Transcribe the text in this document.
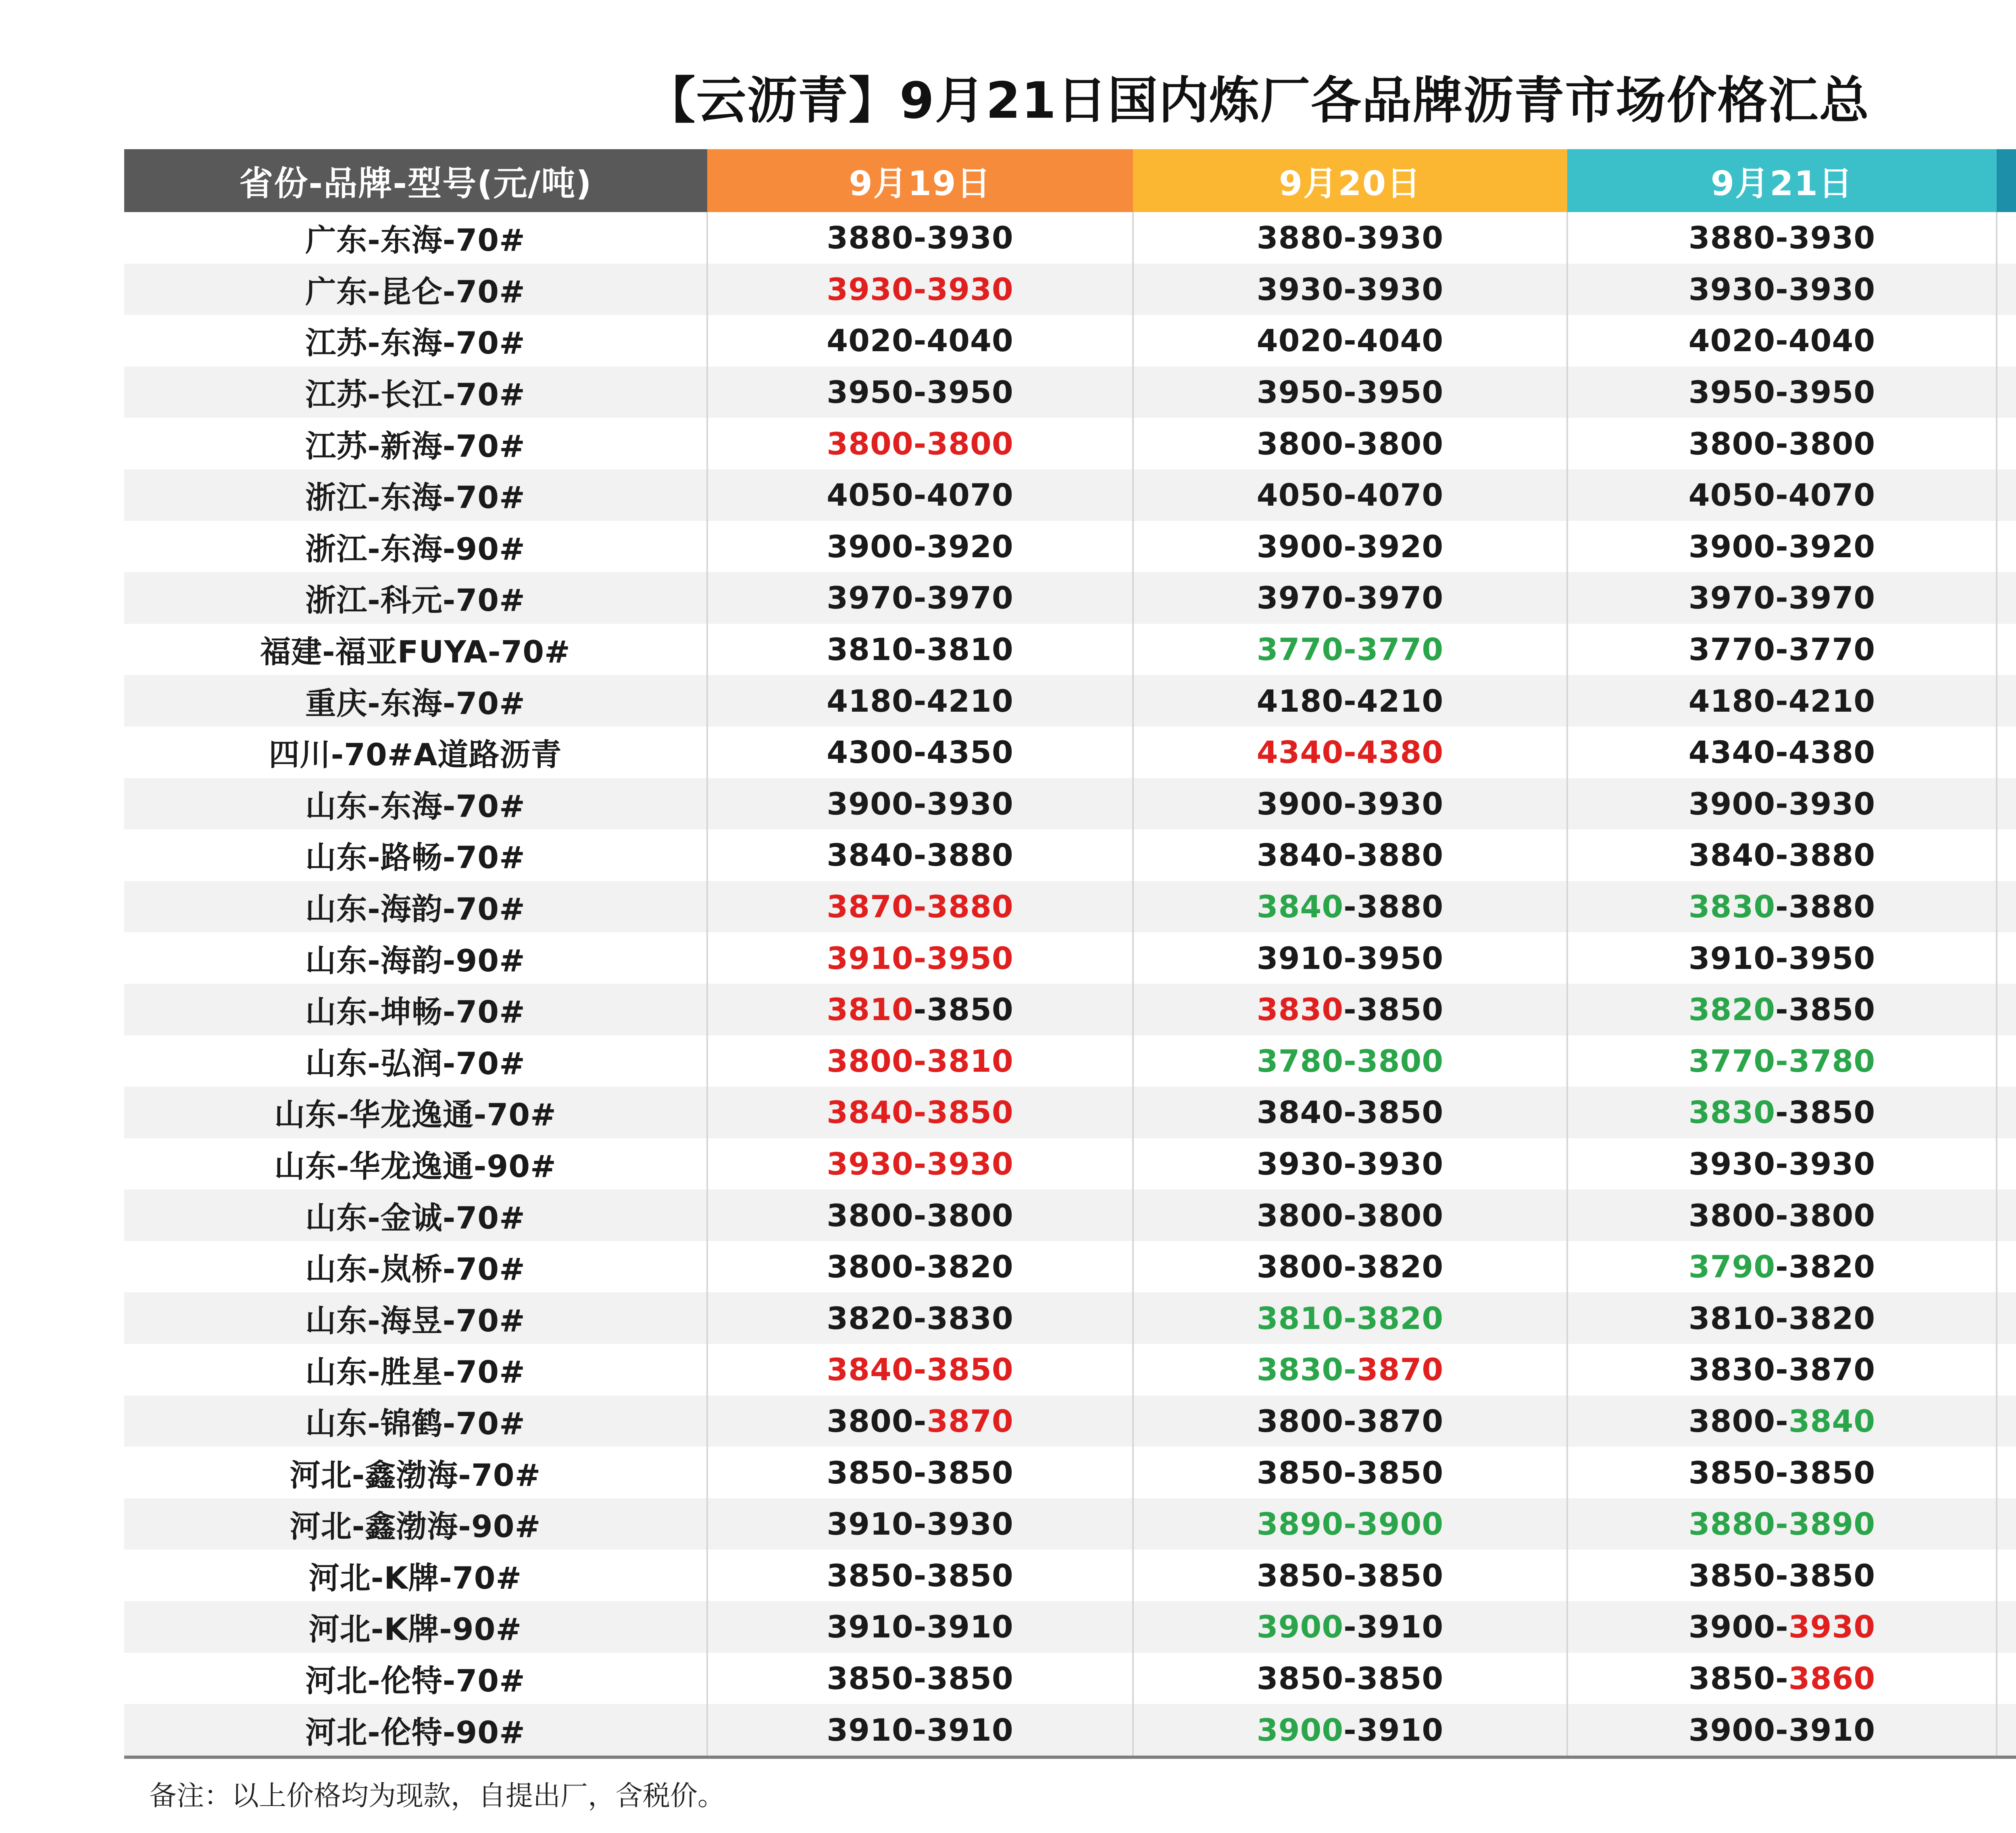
【云沥青】9月21日国内炼厂各品牌沥青市场价格汇总
省份-品牌-型号(元/吨)	9月19日	9月20日	9月21日	
广东-东海-70#	3880-3930	3880-3930	3880-3930	
广东-昆仑-70#	3930-3930	3930-3930	3930-3930	
江苏-东海-70#	4020-4040	4020-4040	4020-4040	
江苏-长江-70#	3950-3950	3950-3950	3950-3950	
江苏-新海-70#	3800-3800	3800-3800	3800-3800	
浙江-东海-70#	4050-4070	4050-4070	4050-4070	
浙江-东海-90#	3900-3920	3900-3920	3900-3920	
浙江-科元-70#	3970-3970	3970-3970	3970-3970	
福建-福亚FUYA-70#	3810-3810	3770-3770	3770-3770	
重庆-东海-70#	4180-4210	4180-4210	4180-4210	
四川-70#A道路沥青	4300-4350	4340-4380	4340-4380	
山东-东海-70#	3900-3930	3900-3930	3900-3930	
山东-路畅-70#	3840-3880	3840-3880	3840-3880	
山东-海韵-70#	3870-3880	3840-3880	3830-3880	
山东-海韵-90#	3910-3950	3910-3950	3910-3950	
山东-坤畅-70#	3810-3850	3830-3850	3820-3850	
山东-弘润-70#	3800-3810	3780-3800	3770-3780	
山东-华龙逸通-70#	3840-3850	3840-3850	3830-3850	
山东-华龙逸通-90#	3930-3930	3930-3930	3930-3930	
山东-金诚-70#	3800-3800	3800-3800	3800-3800	
山东-岚桥-70#	3800-3820	3800-3820	3790-3820	
山东-海昱-70#	3820-3830	3810-3820	3810-3820	
山东-胜星-70#	3840-3850	3830-3870	3830-3870	
山东-锦鹤-70#	3800-3870	3800-3870	3800-3840	
河北-鑫渤海-70#	3850-3850	3850-3850	3850-3850	
河北-鑫渤海-90#	3910-3930	3890-3900	3880-3890	
河北-K牌-70#	3850-3850	3850-3850	3850-3850	
河北-K牌-90#	3910-3910	3900-3910	3900-3930	
河北-伦特-70#	3850-3850	3850-3850	3850-3860	
河北-伦特-90#	3910-3910	3900-3910	3900-3910	
备注：以上价格均为现款，自提出厂，含税价。
